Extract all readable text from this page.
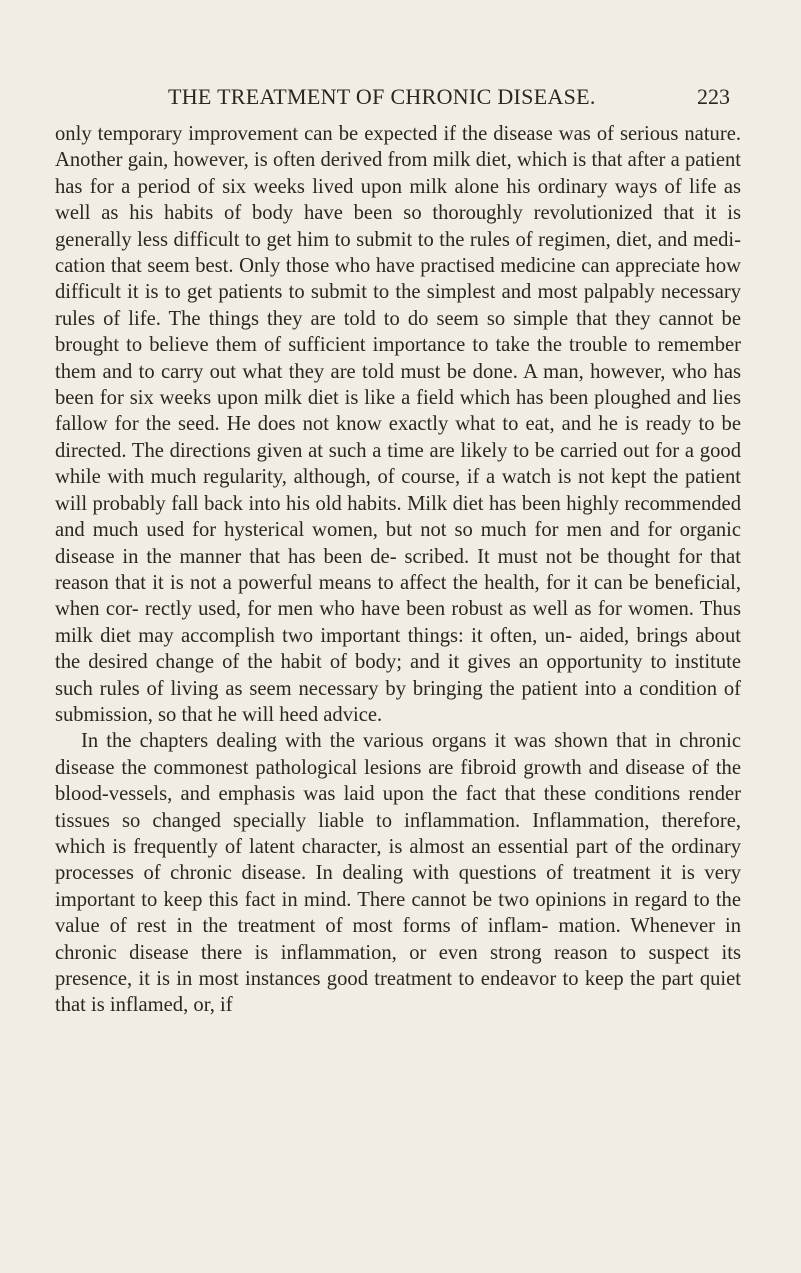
THE TREATMENT OF CHRONIC DISEASE.	223

only temporary improvement can be expected if the disease was of serious nature. Another gain, however, is often derived from milk diet, which is that after a patient has for a period of six weeks lived upon milk alone his ordinary ways of life as well as his habits of body have been so thoroughly revolutionized that it is generally less difficult to get him to submit to the rules of regimen, diet, and medi- cation that seem best. Only those who have practised medicine can appreciate how difficult it is to get patients to submit to the simplest and most palpably necessary rules of life. The things they are told to do seem so simple that they cannot be brought to believe them of sufficient importance to take the trouble to remember them and to carry out what they are told must be done. A man, however, who has been for six weeks upon milk diet is like a field which has been ploughed and lies fallow for the seed. He does not know exactly what to eat, and he is ready to be directed. The directions given at such a time are likely to be carried out for a good while with much regularity, although, of course, if a watch is not kept the patient will probably fall back into his old habits. Milk diet has been highly recommended and much used for hysterical women, but not so much for men and for organic disease in the manner that has been de- scribed. It must not be thought for that reason that it is not a powerful means to affect the health, for it can be beneficial, when cor- rectly used, for men who have been robust as well as for women. Thus milk diet may accomplish two important things: it often, un- aided, brings about the desired change of the habit of body; and it gives an opportunity to institute such rules of living as seem necessary by bringing the patient into a condition of submission, so that he will heed advice.

In the chapters dealing with the various organs it was shown that in chronic disease the commonest pathological lesions are fibroid growth and disease of the blood-vessels, and emphasis was laid upon the fact that these conditions render tissues so changed specially liable to inflammation. Inflammation, therefore, which is frequently of latent character, is almost an essential part of the ordinary processes of chronic disease. In dealing with questions of treatment it is very important to keep this fact in mind. There cannot be two opinions in regard to the value of rest in the treatment of most forms of inflam- mation. Whenever in chronic disease there is inflammation, or even strong reason to suspect its presence, it is in most instances good treatment to endeavor to keep the part quiet that is inflamed, or, if
